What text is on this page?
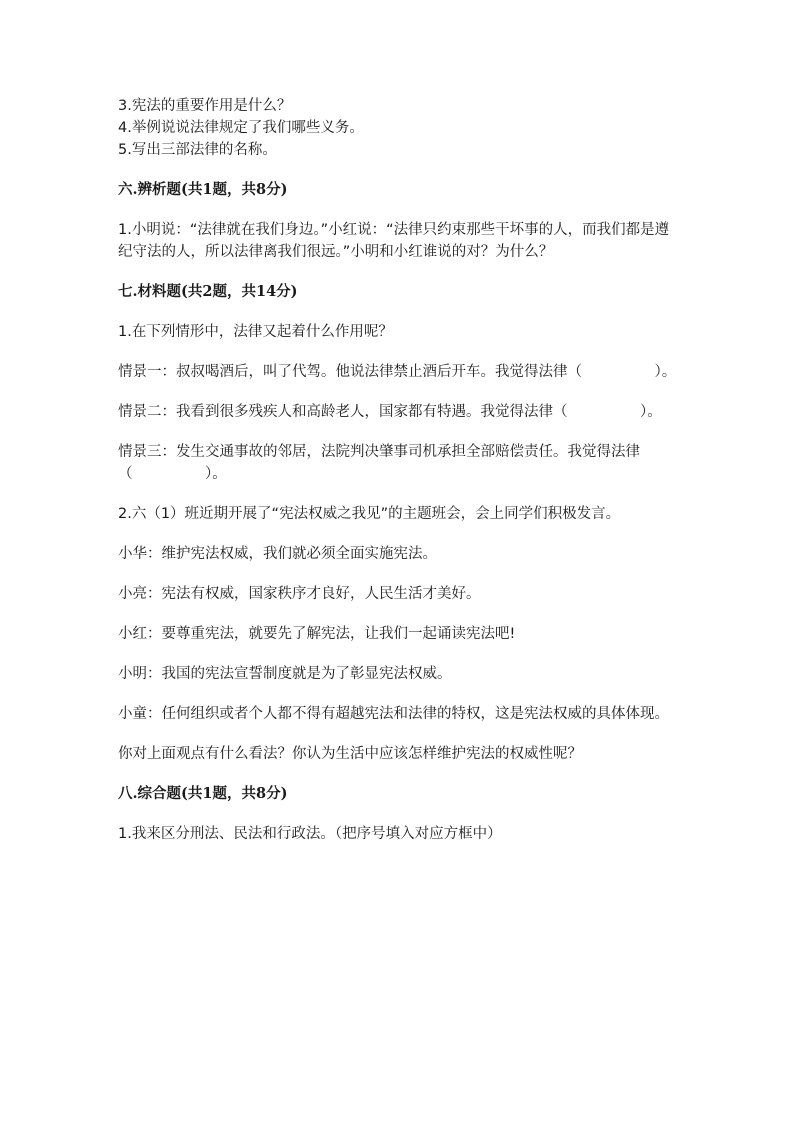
3.宪法的重要作用是什么？

4.举例说说法律规定了我们哪些义务。

5.写出三部法律的名称。

六.辨析题(共1题，共8分)

1.小明说：“法律就在我们身边。”小红说：“法律只约束那些干坏事的人，而我们都是遵纪守法的人，所以法律离我们很远。”小明和小红谁说的对？为什么？

七.材料题(共2题，共14分)

1.在下列情形中，法律又起着什么作用呢？

情景一：叔叔喝酒后，叫了代驾。他说法律禁止酒后开车。我觉得法律（　　　　　）。

情景二：我看到很多残疾人和高龄老人，国家都有特遇。我觉得法律（　　　　　）。

情景三：发生交通事故的邻居，法院判决肇事司机承担全部赔偿责任。我觉得法律（　　　　　）。

2.六（1）班近期开展了“宪法权威之我见”的主题班会，会上同学们积极发言。

小华：维护宪法权威，我们就必须全面实施宪法。

小亮：宪法有权威，国家秩序才良好，人民生活才美好。

小红：要尊重宪法，就要先了解宪法，让我们一起诵读宪法吧!

小明：我国的宪法宣誓制度就是为了彰显宪法权威。

小童：任何组织或者个人都不得有超越宪法和法律的特权，这是宪法权威的具体体现。

你对上面观点有什么看法？你认为生活中应该怎样维护宪法的权威性呢？

八.综合题(共1题，共8分)

1.我来区分刑法、民法和行政法。（把序号填入对应方框中）
